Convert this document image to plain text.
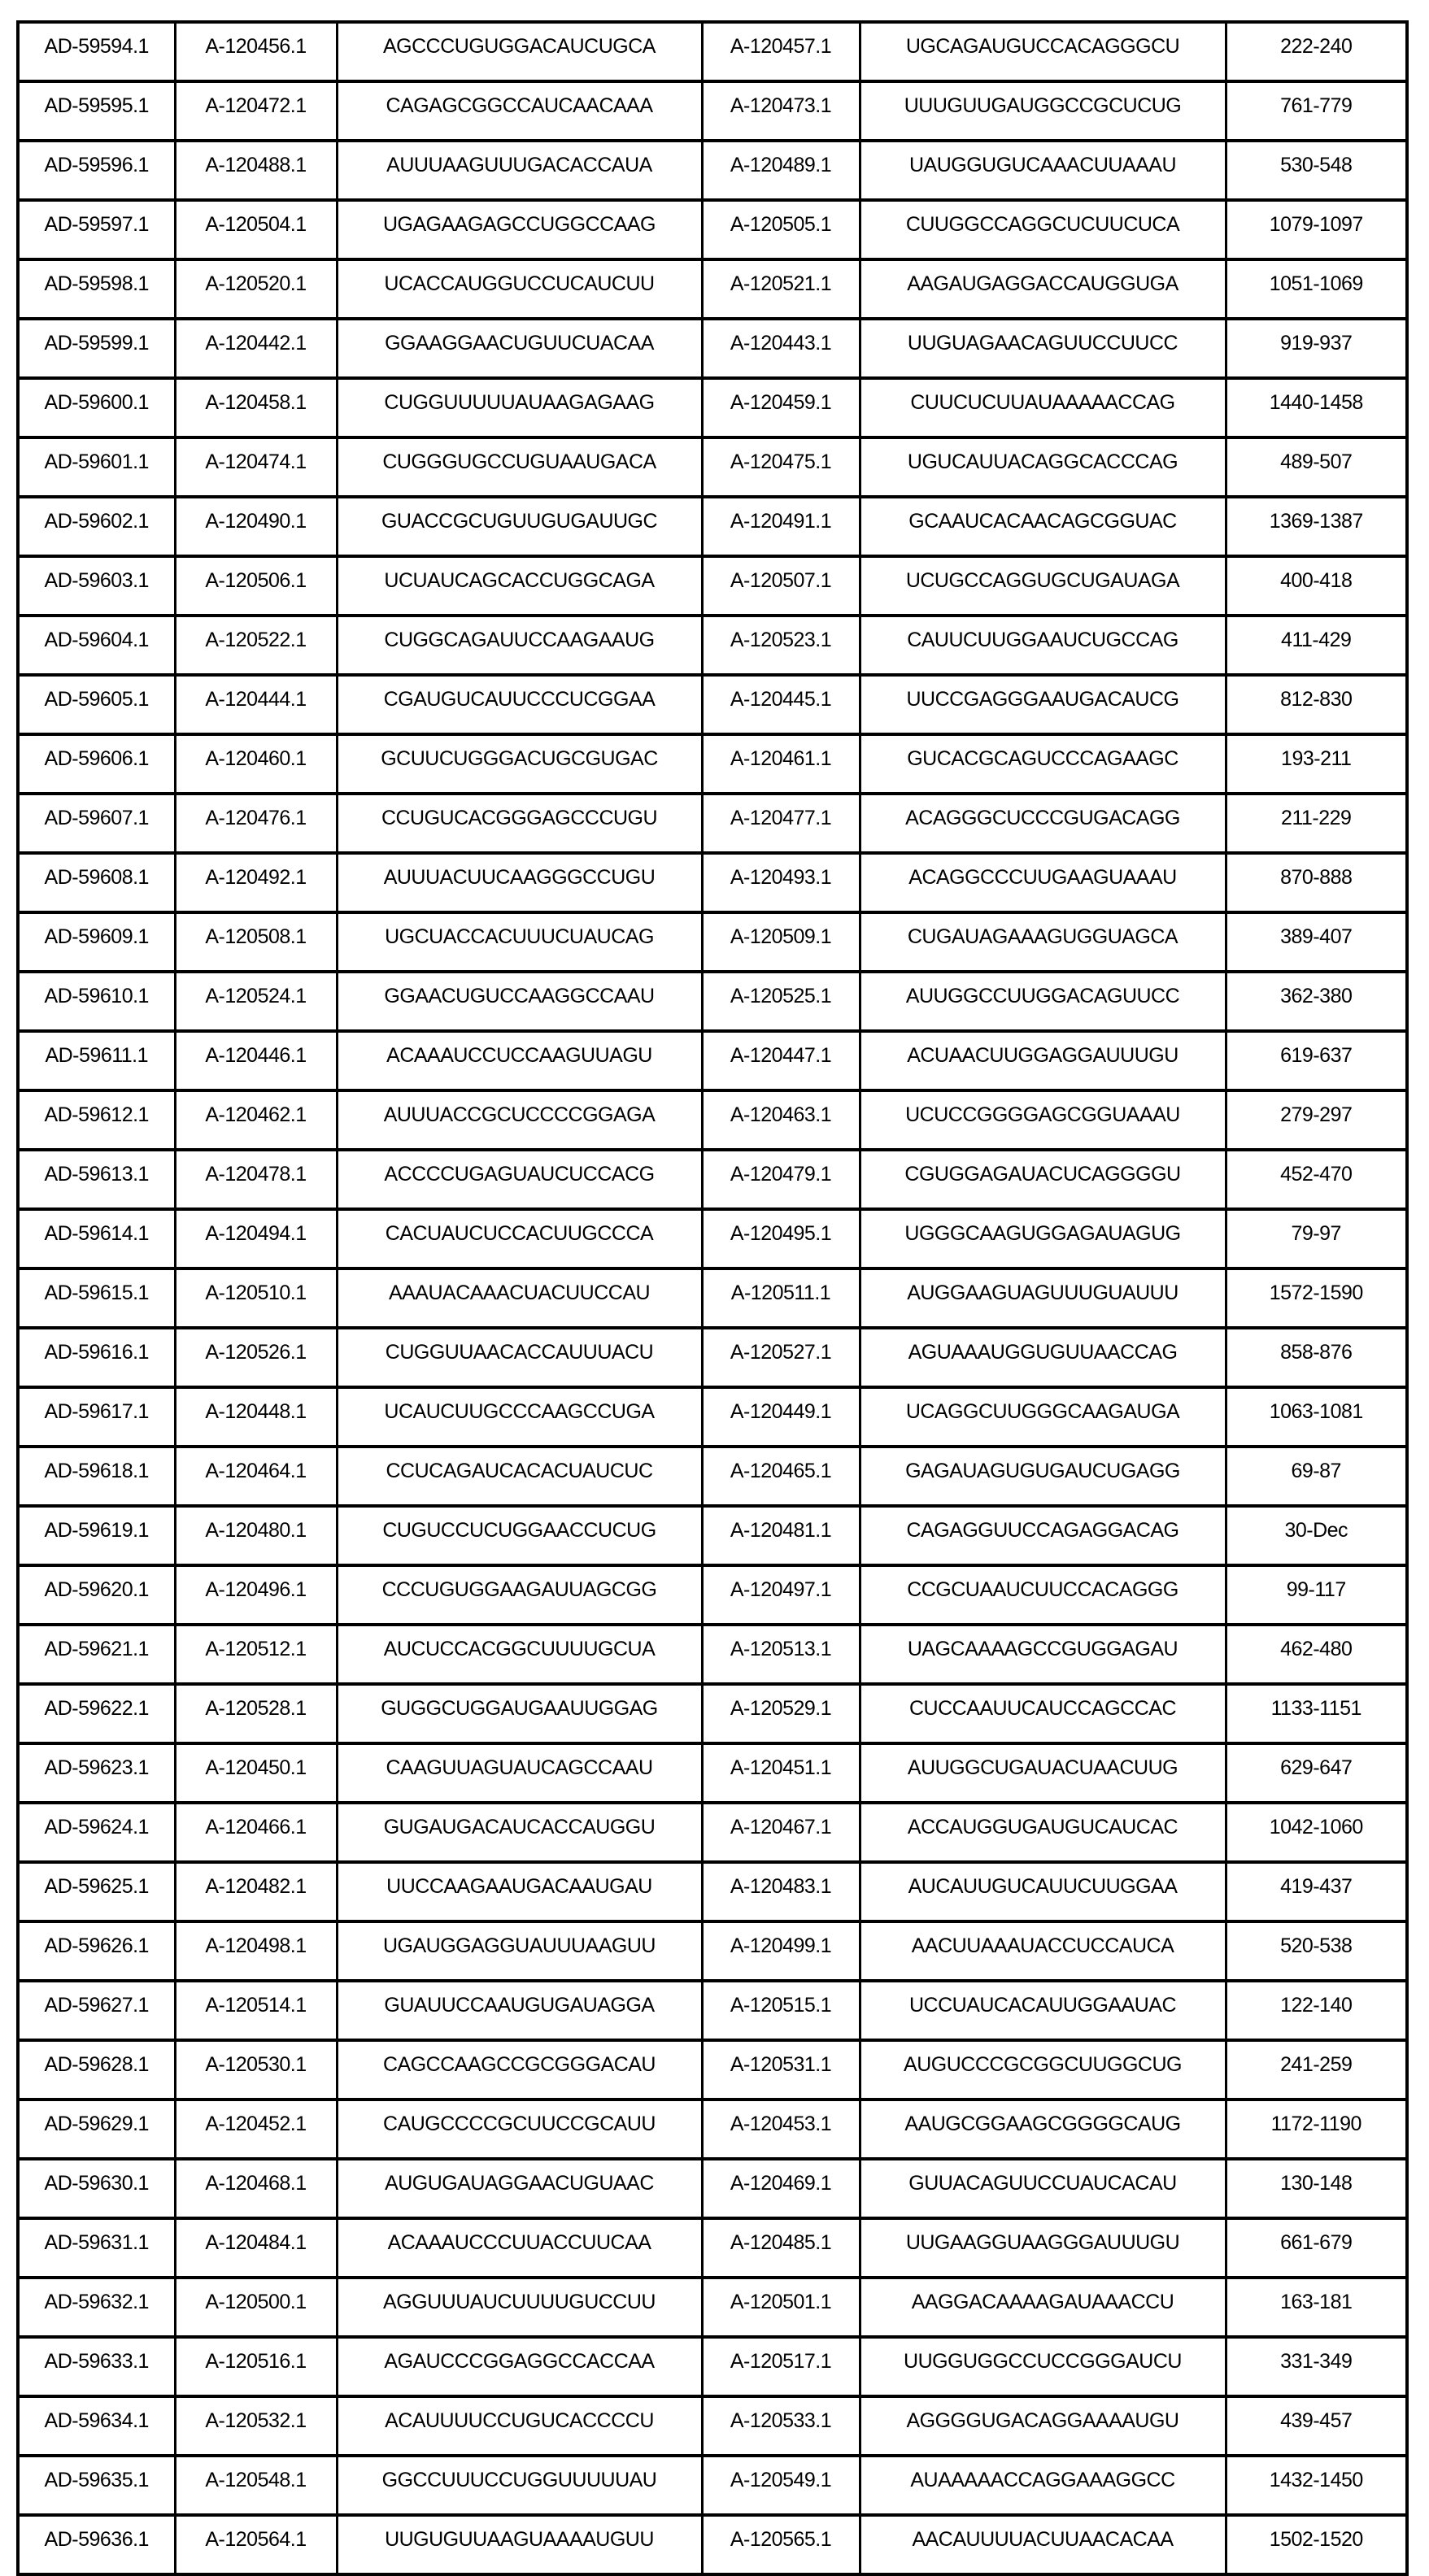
AD-59594.1	A-120456.1	AGCCCUGUGGACAUCUGCA	A-120457.1	UGCAGAUGUCCACAGGGCU	222-240
AD-59595.1	A-120472.1	CAGAGCGGCCAUCAACAAA	A-120473.1	UUUGUUGAUGGCCGCUCUG	761-779
AD-59596.1	A-120488.1	AUUUAAGUUUGACACCAUA	A-120489.1	UAUGGUGUCAAACUUAAAU	530-548
AD-59597.1	A-120504.1	UGAGAAGAGCCUGGCCAAG	A-120505.1	CUUGGCCAGGCUCUUCUCA	1079-1097
AD-59598.1	A-120520.1	UCACCAUGGUCCUCAUCUU	A-120521.1	AAGAUGAGGACCAUGGUGA	1051-1069
AD-59599.1	A-120442.1	GGAAGGAACUGUUCUACAA	A-120443.1	UUGUAGAACAGUUCCUUCC	919-937
AD-59600.1	A-120458.1	CUGGUUUUUAUAAGAGAAG	A-120459.1	CUUCUCUUAUAAAAACCAG	1440-1458
AD-59601.1	A-120474.1	CUGGGUGCCUGUAAUGACA	A-120475.1	UGUCAUUACAGGCACCCAG	489-507
AD-59602.1	A-120490.1	GUACCGCUGUUGUGAUUGC	A-120491.1	GCAAUCACAACAGCGGUAC	1369-1387
AD-59603.1	A-120506.1	UCUAUCAGCACCUGGCAGA	A-120507.1	UCUGCCAGGUGCUGAUAGA	400-418
AD-59604.1	A-120522.1	CUGGCAGAUUCCAAGAAUG	A-120523.1	CAUUCUUGGAAUCUGCCAG	411-429
AD-59605.1	A-120444.1	CGAUGUCAUUCCCUCGGAA	A-120445.1	UUCCGAGGGAAUGACAUCG	812-830
AD-59606.1	A-120460.1	GCUUCUGGGACUGCGUGAC	A-120461.1	GUCACGCAGUCCCAGAAGC	193-211
AD-59607.1	A-120476.1	CCUGUCACGGGAGCCCUGU	A-120477.1	ACAGGGCUCCCGUGACAGG	211-229
AD-59608.1	A-120492.1	AUUUACUUCAAGGGCCUGU	A-120493.1	ACAGGCCCUUGAAGUAAAU	870-888
AD-59609.1	A-120508.1	UGCUACCACUUUCUAUCAG	A-120509.1	CUGAUAGAAAGUGGUAGCA	389-407
AD-59610.1	A-120524.1	GGAACUGUCCAAGGCCAAU	A-120525.1	AUUGGCCUUGGACAGUUCC	362-380
AD-59611.1	A-120446.1	ACAAAUCCUCCAAGUUAGU	A-120447.1	ACUAACUUGGAGGAUUUGU	619-637
AD-59612.1	A-120462.1	AUUUACCGCUCCCCGGAGA	A-120463.1	UCUCCGGGGAGCGGUAAAU	279-297
AD-59613.1	A-120478.1	ACCCCUGAGUAUCUCCACG	A-120479.1	CGUGGAGAUACUCAGGGGU	452-470
AD-59614.1	A-120494.1	CACUAUCUCCACUUGCCCA	A-120495.1	UGGGCAAGUGGAGAUAGUG	79-97
AD-59615.1	A-120510.1	AAAUACAAACUACUUCCAU	A-120511.1	AUGGAAGUAGUUUGUAUUU	1572-1590
AD-59616.1	A-120526.1	CUGGUUAACACCAUUUACU	A-120527.1	AGUAAAUGGUGUUAACCAG	858-876
AD-59617.1	A-120448.1	UCAUCUUGCCCAAGCCUGA	A-120449.1	UCAGGCUUGGGCAAGAUGA	1063-1081
AD-59618.1	A-120464.1	CCUCAGAUCACACUAUCUC	A-120465.1	GAGAUAGUGUGAUCUGAGG	69-87
AD-59619.1	A-120480.1	CUGUCCUCUGGAACCUCUG	A-120481.1	CAGAGGUUCCAGAGGACAG	30-Dec
AD-59620.1	A-120496.1	CCCUGUGGAAGAUUAGCGG	A-120497.1	CCGCUAAUCUUCCACAGGG	99-117
AD-59621.1	A-120512.1	AUCUCCACGGCUUUUGCUA	A-120513.1	UAGCAAAAGCCGUGGAGAU	462-480
AD-59622.1	A-120528.1	GUGGCUGGAUGAAUUGGAG	A-120529.1	CUCCAAUUCAUCCAGCCAC	1133-1151
AD-59623.1	A-120450.1	CAAGUUAGUAUCAGCCAAU	A-120451.1	AUUGGCUGAUACUAACUUG	629-647
AD-59624.1	A-120466.1	GUGAUGACAUCACCAUGGU	A-120467.1	ACCAUGGUGAUGUCAUCAC	1042-1060
AD-59625.1	A-120482.1	UUCCAAGAAUGACAAUGAU	A-120483.1	AUCAUUGUCAUUCUUGGAA	419-437
AD-59626.1	A-120498.1	UGAUGGAGGUAUUUAAGUU	A-120499.1	AACUUAAAUACCUCCAUCA	520-538
AD-59627.1	A-120514.1	GUAUUCCAAUGUGAUAGGA	A-120515.1	UCCUAUCACAUUGGAAUAC	122-140
AD-59628.1	A-120530.1	CAGCCAAGCCGCGGGACAU	A-120531.1	AUGUCCCGCGGCUUGGCUG	241-259
AD-59629.1	A-120452.1	CAUGCCCCGCUUCCGCAUU	A-120453.1	AAUGCGGAAGCGGGGCAUG	1172-1190
AD-59630.1	A-120468.1	AUGUGAUAGGAACUGUAAC	A-120469.1	GUUACAGUUCCUAUCACAU	130-148
AD-59631.1	A-120484.1	ACAAAUCCCUUACCUUCAA	A-120485.1	UUGAAGGUAAGGGAUUUGU	661-679
AD-59632.1	A-120500.1	AGGUUUAUCUUUUGUCCUU	A-120501.1	AAGGACAAAAGAUAAACCU	163-181
AD-59633.1	A-120516.1	AGAUCCCGGAGGCCACCAA	A-120517.1	UUGGUGGCCUCCGGGAUCU	331-349
AD-59634.1	A-120532.1	ACAUUUUCCUGUCACCCCU	A-120533.1	AGGGGUGACAGGAAAAUGU	439-457
AD-59635.1	A-120548.1	GGCCUUUCCUGGUUUUUAU	A-120549.1	AUAAAAACCAGGAAAGGCC	1432-1450
AD-59636.1	A-120564.1	UUGUGUUAAGUAAAAUGUU	A-120565.1	AACAUUUUACUUAACACAA	1502-1520
